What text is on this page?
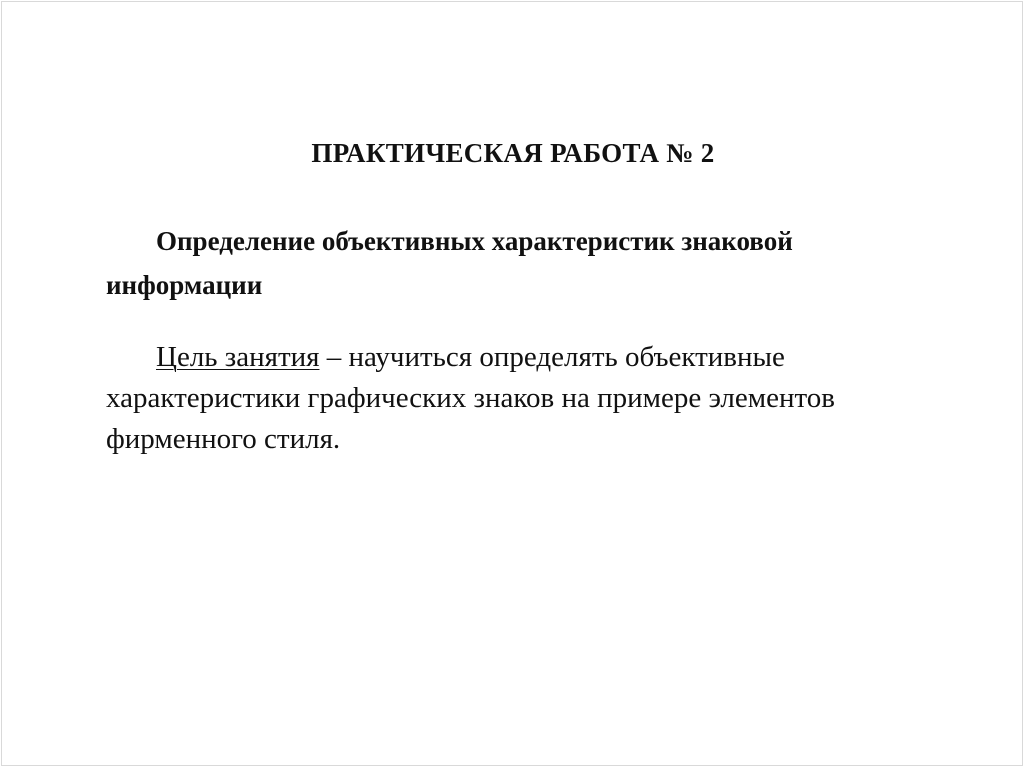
ПРАКТИЧЕСКАЯ РАБОТА № 2

Определение объективных характеристик знаковой информации

Цель занятия – научиться определять объективные характеристики графических знаков на примере элементов фирменного стиля.
